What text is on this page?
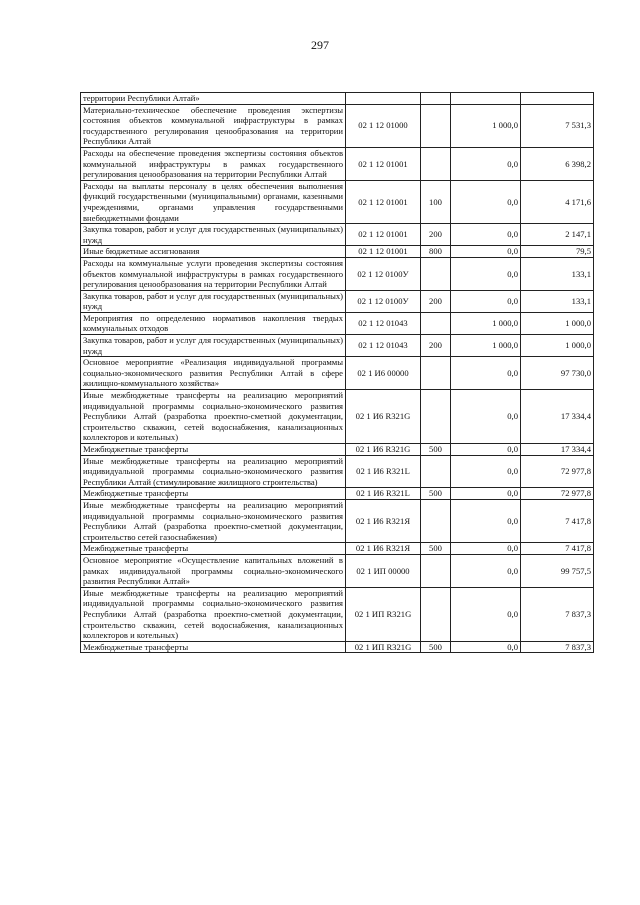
297
территории Республики Алтай»				
Материально-техническое обеспечение проведения экспертизы состояния объектов коммунальной инфраструктуры в рамках государственного регулирования ценообразования на территории Республики Алтай	02 1 12 01000		1 000,0	7 531,3
Расходы на обеспечение проведения экспертизы состояния объектов коммунальной инфраструктуры в рамках государственного регулирования ценообразования на территории Республики Алтай	02 1 12 01001		0,0	6 398,2
Расходы на выплаты персоналу в целях обеспечения выполнения функций государственными (муниципальными) органами, казенными учреждениями, органами управления государственными внебюджетными фондами	02 1 12 01001	100	0,0	4 171,6
Закупка товаров, работ и услуг для государственных (муниципальных) нужд	02 1 12 01001	200	0,0	2 147,1
Иные бюджетные ассигнования	02 1 12 01001	800	0,0	79,5
Расходы на коммунальные услуги проведения экспертизы состояния объектов коммунальной инфраструктуры в рамках государственного регулирования ценообразования на территории Республики Алтай	02 1 12 0100У		0,0	133,1
Закупка товаров, работ и услуг для государственных (муниципальных) нужд	02 1 12 0100У	200	0,0	133,1
Мероприятия по определению нормативов накопления твердых коммунальных отходов	02 1 12 01043		1 000,0	1 000,0
Закупка товаров, работ и услуг для государственных (муниципальных) нужд	02 1 12 01043	200	1 000,0	1 000,0
Основное мероприятие «Реализация индивидуальной программы социально-экономического развития Республики Алтай в сфере жилищно-коммунального хозяйства»	02 1 И6 00000		0,0	97 730,0
Иные межбюджетные трансферты на реализацию мероприятий индивидуальной программы социально-экономического развития Республики Алтай (разработка проектно-сметной документации, строительство скважин, сетей водоснабжения, канализационных коллекторов и котельных)	02 1 И6 R321G		0,0	17 334,4
Межбюджетные трансферты	02 1 И6 R321G	500	0,0	17 334,4
Иные межбюджетные трансферты на реализацию мероприятий индивидуальной программы социально-экономического развития Республики Алтай (стимулирование жилищного строительства)	02 1 И6 R321L		0,0	72 977,8
Межбюджетные трансферты	02 1 И6 R321L	500	0,0	72 977,8
Иные межбюджетные трансферты на реализацию мероприятий индивидуальной программы социально-экономического развития Республики Алтай (разработка проектно-сметной документации, строительство сетей газоснабжения)	02 1 И6 R321Я		0,0	7 417,8
Межбюджетные трансферты	02 1 И6 R321Я	500	0,0	7 417,8
Основное мероприятие «Осуществление капитальных вложений в рамках индивидуальной программы социально-экономического развития Республики Алтай»	02 1 ИП 00000		0,0	99 757,5
Иные межбюджетные трансферты на реализацию мероприятий индивидуальной программы социально-экономического развития Республики Алтай (разработка проектно-сметной документации, строительство скважин, сетей водоснабжения, канализационных коллекторов и котельных)	02 1 ИП R321G		0,0	7 837,3
Межбюджетные трансферты	02 1 ИП R321G	500	0,0	7 837,3
